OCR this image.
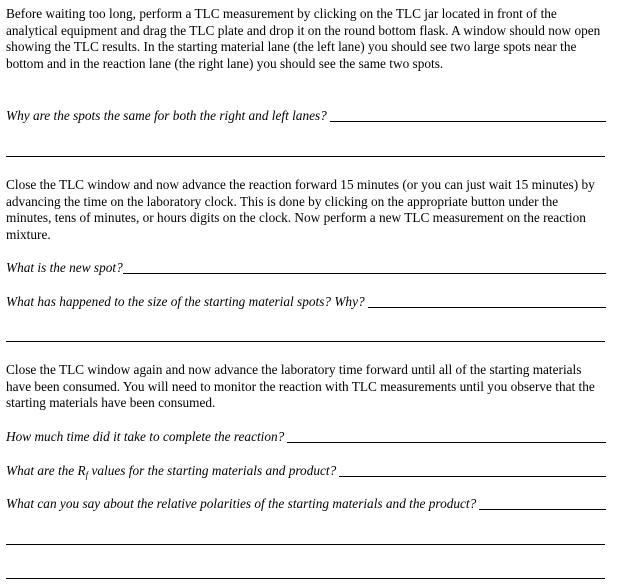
Before waiting too long, perform a TLC measurement by clicking on the TLC jar located in front of the analytical equipment and drag the TLC plate and drop it on the round bottom flask. A window should now open showing the TLC results. In the starting material lane (the left lane) you should see two large spots near the bottom and in the reaction lane (the right lane) you should see the same two spots.

Why are the spots the same for both the right and left lanes?

Close the TLC window and now advance the reaction forward 15 minutes (or you can just wait 15 minutes) by advancing the time on the laboratory clock. This is done by clicking on the appropriate button under the minutes, tens of minutes, or hours digits on the clock. Now perform a new TLC measurement on the reaction mixture.

What is the new spot?
What has happened to the size of the starting material spots? Why?

Close the TLC window again and now advance the laboratory time forward until all of the starting materials have been consumed. You will need to monitor the reaction with TLC measurements until you observe that the starting materials have been consumed.

How much time did it take to complete the reaction?
What are the $R_f$ values for the starting materials and product?
What can you say about the relative polarities of the starting materials and the product?
